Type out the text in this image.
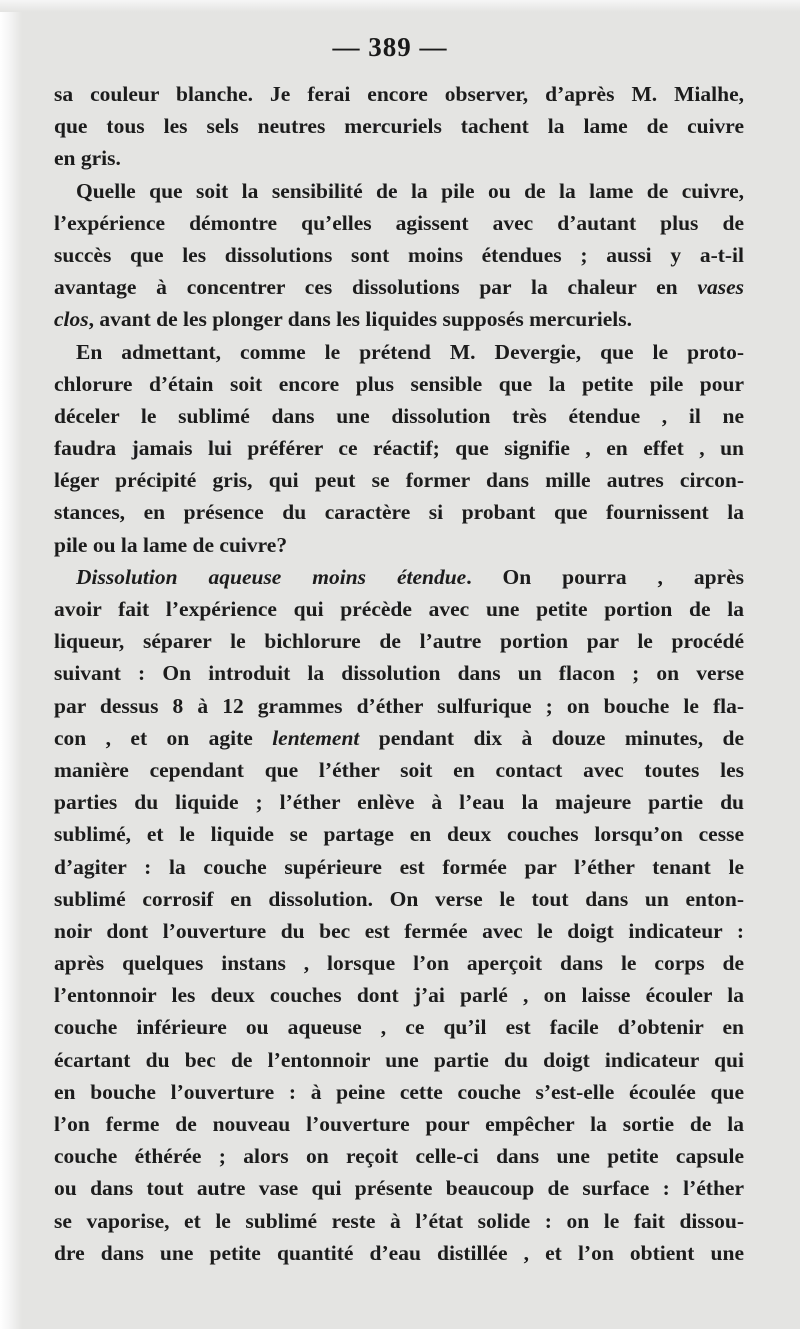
— 389 —
sa couleur blanche. Je ferai encore observer, d’après M. Mialhe,
que tous les sels neutres mercuriels tachent la lame de cuivre
en gris.
Quelle que soit la sensibilité de la pile ou de la lame de cuivre,
l’expérience démontre qu’elles agissent avec d’autant plus de
succès que les dissolutions sont moins étendues ; aussi y a-t-il
avantage à concentrer ces dissolutions par la chaleur en vases
clos, avant de les plonger dans les liquides supposés mercuriels.
En admettant, comme le prétend M. Devergie, que le proto-
chlorure d’étain soit encore plus sensible que la petite pile pour
déceler le sublimé dans une dissolution très étendue , il ne
faudra jamais lui préférer ce réactif; que signifie , en effet , un
léger précipité gris, qui peut se former dans mille autres circon-
stances, en présence du caractère si probant que fournissent la
pile ou la lame de cuivre?
Dissolution aqueuse moins étendue. On pourra , après
avoir fait l’expérience qui précède avec une petite portion de la
liqueur, séparer le bichlorure de l’autre portion par le procédé
suivant : On introduit la dissolution dans un flacon ; on verse
par dessus 8 à 12 grammes d’éther sulfurique ; on bouche le fla-
con , et on agite lentement pendant dix à douze minutes, de
manière cependant que l’éther soit en contact avec toutes les
parties du liquide ; l’éther enlève à l’eau la majeure partie du
sublimé, et le liquide se partage en deux couches lorsqu’on cesse
d’agiter : la couche supérieure est formée par l’éther tenant le
sublimé corrosif en dissolution. On verse le tout dans un enton-
noir dont l’ouverture du bec est fermée avec le doigt indicateur :
après quelques instans , lorsque l’on aperçoit dans le corps de
l’entonnoir les deux couches dont j’ai parlé , on laisse écouler la
couche inférieure ou aqueuse , ce qu’il est facile d’obtenir en
écartant du bec de l’entonnoir une partie du doigt indicateur qui
en bouche l’ouverture : à peine cette couche s’est-elle écoulée que
l’on ferme de nouveau l’ouverture pour empêcher la sortie de la
couche éthérée ; alors on reçoit celle-ci dans une petite capsule
ou dans tout autre vase qui présente beaucoup de surface : l’éther
se vaporise, et le sublimé reste à l’état solide : on le fait dissou-
dre dans une petite quantité d’eau distillée , et l’on obtient une
